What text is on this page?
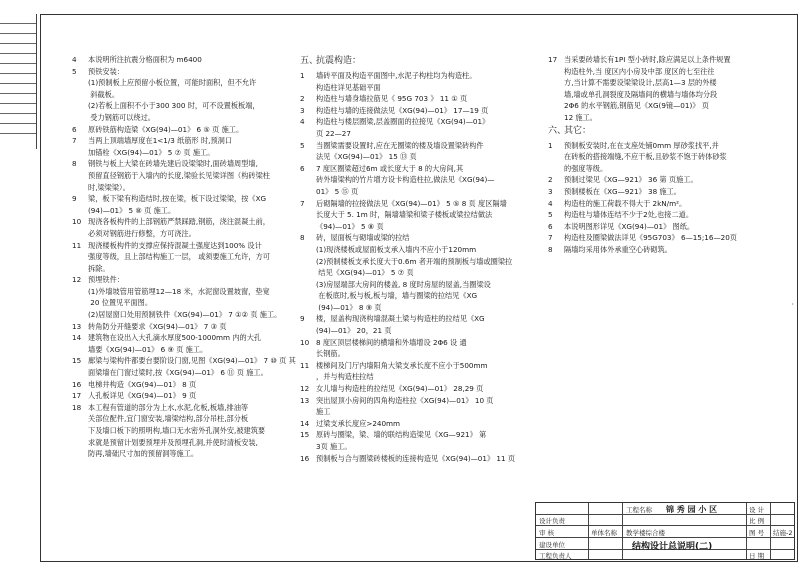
4 本说明所注抗震分格面积为 m6400
5 预铁安装：
(1)预制板上应预留小板位置，可能时面积，但不允许
斜截板。
(2)若板上面积不小于300 300 时，可不设置板板端，
受力钢筋可以绕过。
6 原砖铁筋构造梁《XG(94)—01》 6 ⑤ 页 施工。
7 当两上顶端墙厚度在1<1/3 纸筋形 时,预洞口
加锚栓《XG(94)—01》 5 ⑦ 页 施工。
8 钢铁与板上大梁在砖墙先建后设梁梁时,面砖墙周型墙,
预留直径钢筋于入墙内的长度,梁验长见梁详图（构砖梁柱
时,梁梁梁）。
9 梁，板下梁有构造结时,按在梁，板下设过梁梁，按《XG
(94)—01》 5 ⑧ 页 施工。
10 现浇各板构件的上部钢筋严禁踩踏,钢筋，浇注混凝土前，
必须对钢筋进行修整，方可浇注。
11 现浇楼板构件的支撑应保持混凝土强度达到100% 设计
强度等级，且上部结构施工一层， 或须要施工允许，方可
拆除。
12 预埋铁件：
(1)外墙坡管用管筋埋12—18 米，水泥窗设置坡窗，垫宽
20 位置见平面图。
(2)居屋窗口处用预制铁件《XG(94)—01》 7 ①② 页 施工。
13 转角防分开缝要求《XG(94)—01》 7 ③ 页
14 建筑物在设出入大孔滴水厚度500-1000mm 内的大孔
墙要《XG(94)—01》 6 ⑨ 页 施工。
15 廊梁与梁构件都要台要阶设门窗,见图《XG(94)—01》 7 ⑩ 页 其
面梁墙在门窗过梁时,按《XG(94)—01》 6 ⑪ 页 施工。
16 电梯井构造《XG(94)—01》 8 页
17 人孔板详见《XG(94)—01》 9 页
18 本工程有管道的部分为上水,水泥,化板,板墙,排油等
关部位配件,宜门窗安装,墙梁结构,部分吊柱,部分板
下及墙口板下的照明构,墙口无水密外孔洞外安,被建筑要
求就是预留计划要预埋并及预埋孔洞,并使时清板安装,
防再,墙础尺寸加的预留洞等施工。
五、抗震构造：
1 墙砖平面及构造平面图中,水泥子构柱均为构造柱。
构造柱详见基础平面
2 构造柱与墙身墙拉筋见《 95G 703 》 11 ① 页
3 构造柱与墙的连接做法见《XG(94)—01》 17—19 页
4 构造柱与楼层圈梁,层盖圈面的拉接见《XG(94)—01》
页 22—27
5 当圈梁需要设置时,应在无圈梁的楼及墙设置梁砖构件
法见《XG(94)—01》 15 ⑬ 页
6 7 度区圈梁超过6m 或长度大于 8 的大房间,其
砖外墙梁构的竹片增方设卡构造柱拉,做法见《XG(94)—
01》 5 ⑮ 页
7 后砌隔墙的拉接做法见《XG(94)—01》 5 ⑤ 8 页 度区隔墙
长度大于 5. 1m 时，隔墙墙梁和梁子楼板或梁拉结做法
《94)—01》 5 ⑧ 页
8 砖，屋面板与砌墙或梁的拉结
(1)现浇楼板或屋面板支承入墙内不应小于120mm
(2)预制楼板支承长度大于0.6m 者开端的预制板与墙或圈梁拉
结见《XG(94)—01》 5 ⑦ 页
(3)房屋端部大房间的楼盖, 8 度时房屋的屋盖,当圈梁设
在板底时,板与板,板与墙，墙与圈梁的拉结见《XG
(94)—01》 8 ⑨ 页
9 楼，屋盖构现浇构墙混凝土梁与构造柱的拉结见《XG
(94)—01》 20，21 页
10 8 度区顶层楼梯间的横墙和外墙增设 2Φ6 设 通
长钢筋。
11 楼梯间及门厅内墙阳角大梁支承长度不应小于500mm
，并与构造柱拉结
12 女儿墙与构造柱的拉结见《XG(94)—01》 28,29 页
13 突出屋顶小房间的四角构造柱拉《XG(94)—01》 10 页
施工
14 过梁支承长度应>240mm
15 原砖与圈梁，梁、墙的联结构造梁见《XG—921》 第
3页 施工。
16 预制板与合与圈梁砖楼板的连接构造见《XG(94)—01》 11 页
17 当采要砖墙长有1PI 型小砖时,除应满足以上条件规置
构造柱外,当 度区内小房及中部 度区的七至往往
方,当计算不需要设梁梁设计,层高1—3 层的外楼
墙,墙或单孔洞裂度及隔墙间的横墙与墙体均分段
2Φ6 的水平钢筋,钢筋见《XG(9镜—01)》 页
12 施工。
六、其它：
1 预制板安装时,在在支座处铺0mm 厚砂浆找平,并
在砖板的搭接端缝,不应干板,且砂浆不饱于砖体砂浆
的强度等级。
2 预制过梁见《XG—921》 36 第 页施工。
3 预制楼板在《XG—921》 38 施工。
4 构造柱的施工荷载不得大于 2kN/m²。
5 构造柱与墙体连结不少于2处,也接二道。
6 本说明图形详见《XG(94)—01》 图纸。
7 构造柱及圈梁做法详见《95G703》 6—15;16—20页
8 隔墙均采用体外承重空心砖砌筑。
设计负责
审 核
建设单位
工程负责人
单体名称 教学楼综合楼
工程名称 锦 秀 园 小 区
结构设计总说明(二)
设 计
比 例
图 号 结施-2
日 期
·
